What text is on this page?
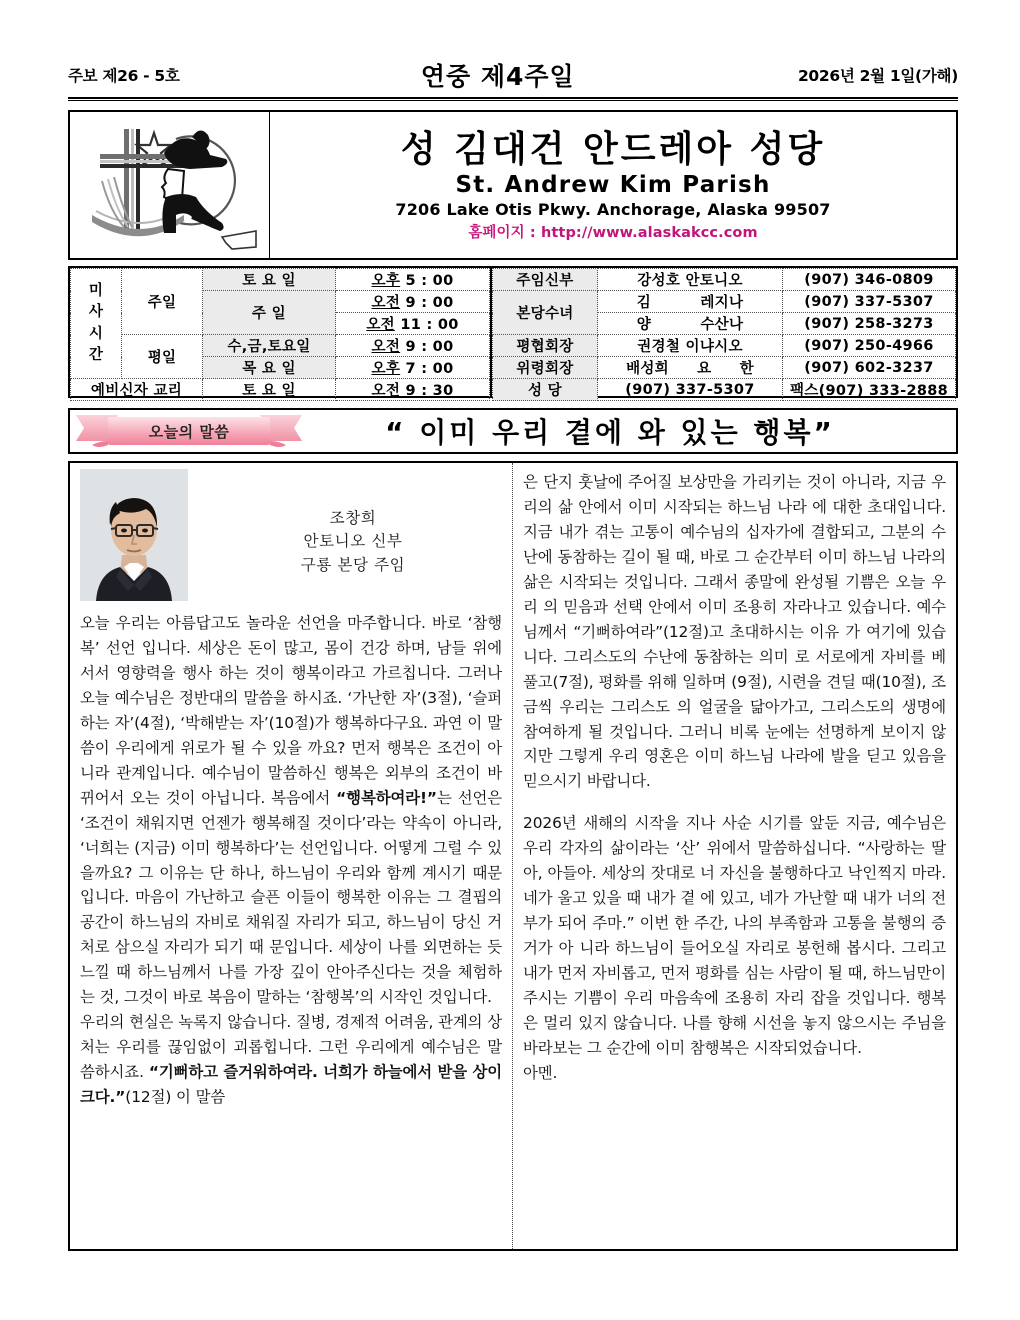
주보 제26 - 5호	연중 제4주일	2026년 2월 1일(가해)
성 김대건 안드레아 성당
St. Andrew Kim Parish
7206 Lake Otis Pkwy. Anchorage, Alaska 99507
홈페이지 : http://www.alaskakcc.com
미
사
시
간	주일	토 요 일	오후 5 : 00
		주 일	오전 9 : 00
			오전 11 : 00
	평일	수,금,토요일	오전 9 : 00
		목 요 일	오후 7 : 00
예비신자 교리		토 요 일	오전 9 : 30
주임신부	강성호 안토니오	(907) 346-0809
본당수녀	김 레지나	(907) 337-5307

	양 수산나	(907) 258-3273
평협회장	권경철 이냐시오	(907) 250-4966
위령회장	배성희 요 한	(907) 602-3237
성 당	(907) 337-5307	팩스(907) 333-2888
오늘의 말씀	“ 이미 우리 곁에 와 있는 행복”
조창희
안토니오 신부
구룡 본당 주임

오늘 우리는 아름답고도 놀라운 선언을 마주합니다. 바로 ‘참행복’ 선언 입니다. 세상은 돈이 많고, 몸이 건강 하며, 남들 위에 서서 영향력을 행사 하는 것이 행복이라고 가르칩니다. 그러나 오늘 예수님은 정반대의 말씀을 하시죠. ‘가난한 자’(3절), ‘슬퍼하는 자’(4절), ‘박해받는 자’(10절)가 행복하다구요. 과연 이 말씀이 우리에게 위로가 될 수 있을 까요? 먼저 행복은 조건이 아니라 관계입니다. 예수님이 말씀하신 행복은 외부의 조건이 바뀌어서 오는 것이 아닙니다. 복음에서 “행복하여라!”는 선언은 ‘조건이 채워지면 언젠가 행복해질 것이다’라는 약속이 아니라, ‘너희는 (지금) 이미 행복하다’는 선언입니다. 어떻게 그럴 수 있을까요? 그 이유는 단 하나, 하느님이 우리와 함께 계시기 때문입니다. 마음이 가난하고 슬픈 이들이 행복한 이유는 그 결핍의 공간이 하느님의 자비로 채워질 자리가 되고, 하느님이 당신 거처로 삼으실 자리가 되기 때 문입니다. 세상이 나를 외면하는 듯 느낄 때 하느님께서 나를 가장 깊이 안아주신다는 것을 체험하는 것, 그것이 바로 복음이 말하는 ‘참행복’의 시작인 것입니다.

우리의 현실은 녹록지 않습니다. 질병, 경제적 어려움, 관계의 상처는 우리를 끊임없이 괴롭힙니다. 그런 우리에게 예수님은 말씀하시죠. “기뻐하고 즐거워하여라. 너희가 하늘에서 받을 상이 크다.”(12절) 이 말씀

은 단지 훗날에 주어질 보상만을 가리키는 것이 아니라, 지금 우리의 삶 안에서 이미 시작되는 하느님 나라 에 대한 초대입니다. 지금 내가 겪는 고통이 예수님의 십자가에 결합되고, 그분의 수난에 동참하는 길이 될 때, 바로 그 순간부터 이미 하느님 나라의 삶은 시작되는 것입니다. 그래서 종말에 완성될 기쁨은 오늘 우리 의 믿음과 선택 안에서 이미 조용히 자라나고 있습니다. 예수님께서 “기뻐하여라”(12절)고 초대하시는 이유 가 여기에 있습니다. 그리스도의 수난에 동참하는 의미 로 서로에게 자비를 베풀고(7절), 평화를 위해 일하며 (9절), 시련을 견딜 때(10절), 조금씩 우리는 그리스도 의 얼굴을 닮아가고, 그리스도의 생명에 참여하게 될 것입니다. 그러니 비록 눈에는 선명하게 보이지 않지만 그렇게 우리 영혼은 이미 하느님 나라에 발을 딛고 있음을 믿으시기 바랍니다.

2026년 새해의 시작을 지나 사순 시기를 앞둔 지금, 예수님은 우리 각자의 삶이라는 ‘산’ 위에서 말씀하십니다. “사랑하는 딸아, 아들아. 세상의 잣대로 너 자신을 불행하다고 낙인찍지 마라. 네가 울고 있을 때 내가 곁 에 있고, 네가 가난할 때 내가 너의 전부가 되어 주마.” 이번 한 주간, 나의 부족함과 고통을 불행의 증거가 아 니라 하느님이 들어오실 자리로 봉헌해 봅시다. 그리고 내가 먼저 자비롭고, 먼저 평화를 심는 사람이 될 때, 하느님만이 주시는 기쁨이 우리 마음속에 조용히 자리 잡을 것입니다. 행복은 멀리 있지 않습니다. 나를 향해 시선을 놓지 않으시는 주님을 바라보는 그 순간에 이미 참행복은 시작되었습니다.

아멘.
